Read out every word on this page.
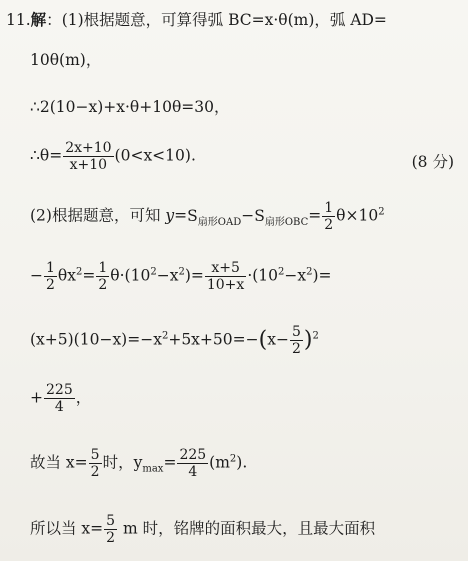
11.解：(1)根据题意，可算得弧 BC=x·θ(m)，弧 AD=
10θ(m)，
∴2(10−x)+x·θ+10θ=30，
∴θ= $\frac{2x+10}{x+10} (0<x<10)$.	(8 分)
(2)根据题意，可知 $y=S_{扇形OAD}-S_{扇形OBC}= \frac{1}{2} \theta\times 10^2$
− $\frac{1}{2} \theta x^2= \frac{1}{2} \theta\cdot(10^2-x^2)= \frac{x+5}{10+x} \cdot(10^2-x^2)=$
$(x+5)(10-x)=-x^2+5x+50=-(x- \frac{5}{2} )^2$
+ $\frac{225}{4}$ ，
故当 $x= \frac{5}{2}$ 时，$y_{max}= \frac{225}{4} (m^2)$.
所以当 $x= \frac{5}{2}$ m 时，铭牌的面积最大，且最大面积
